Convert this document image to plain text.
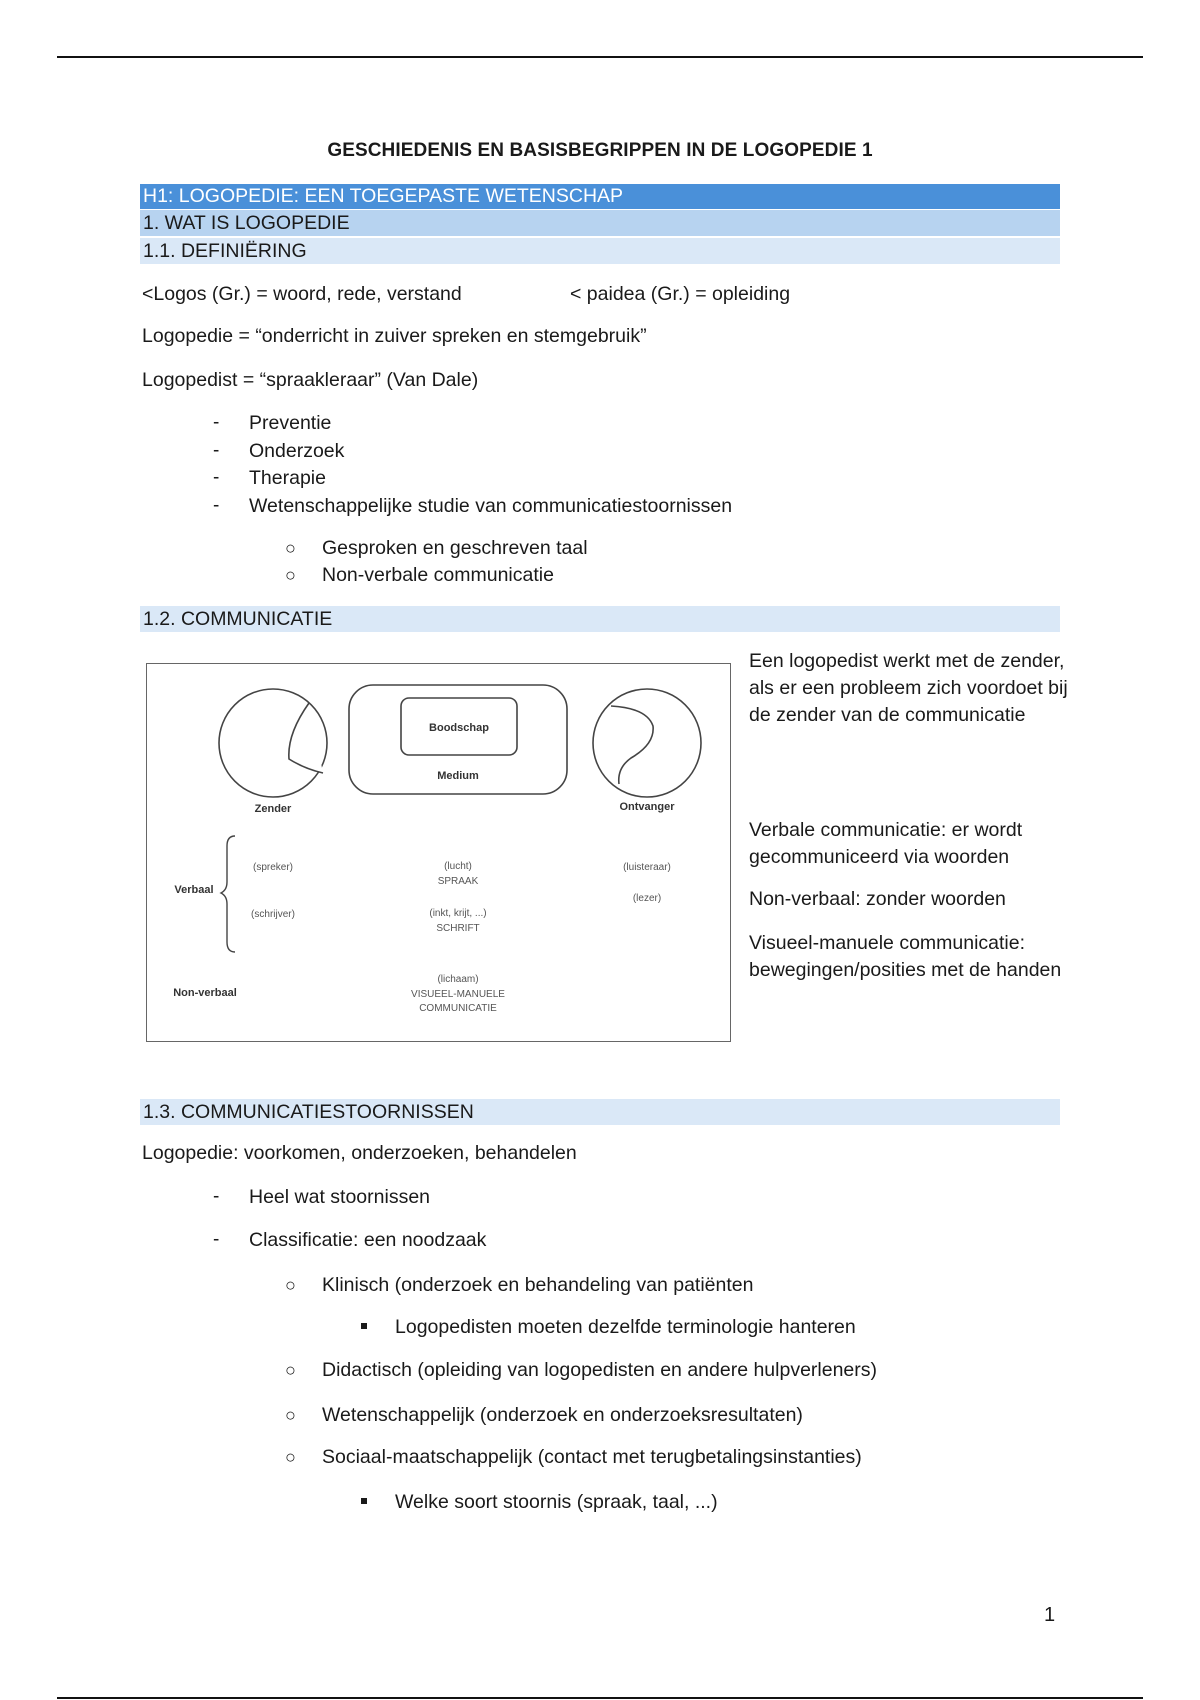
GESCHIEDENIS EN BASISBEGRIPPEN IN DE LOGOPEDIE 1
H1: LOGOPEDIE: EEN TOEGEPASTE WETENSCHAP
1. WAT IS LOGOPEDIE
1.1. DEFINIËRING
<Logos (Gr.) = woord, rede, verstand	< paidea (Gr.) = opleiding
Logopedie = “onderricht in zuiver spreken en stemgebruik”
Logopedist = “spraakleraar” (Van Dale)
- Preventie
- Onderzoek
- Therapie
- Wetenschappelijke studie van communicatiestoornissen
○ Gesproken en geschreven taal
○ Non-verbale communicatie
1.2. COMMUNICATIE
Boodschap
Medium
Zender	Ontvanger
Verbaal
(spreker)
(schrijver)
(lucht)
SPRAAK
(inkt, krijt, ...)
SCHRIFT
(luisteraar)
(lezer)
Non-verbaal
(lichaam)
VISUEEL-MANUELE
COMMUNICATIE
Een logopedist werkt met de zender, als er een probleem zich voordoet bij de zender van de communicatie
Verbale communicatie: er wordt gecommuniceerd via woorden
Non-verbaal: zonder woorden
Visueel-manuele communicatie: bewegingen/posities met de handen
1.3. COMMUNICATIESTOORNISSEN
Logopedie: voorkomen, onderzoeken, behandelen
- Heel wat stoornissen
- Classificatie: een noodzaak
○ Klinisch (onderzoek en behandeling van patiënten
Logopedisten moeten dezelfde terminologie hanteren
○ Didactisch (opleiding van logopedisten en andere hulpverleners)
○ Wetenschappelijk (onderzoek en onderzoeksresultaten)
○ Sociaal-maatschappelijk (contact met terugbetalingsinstanties)
Welke soort stoornis (spraak, taal, ...)
1
